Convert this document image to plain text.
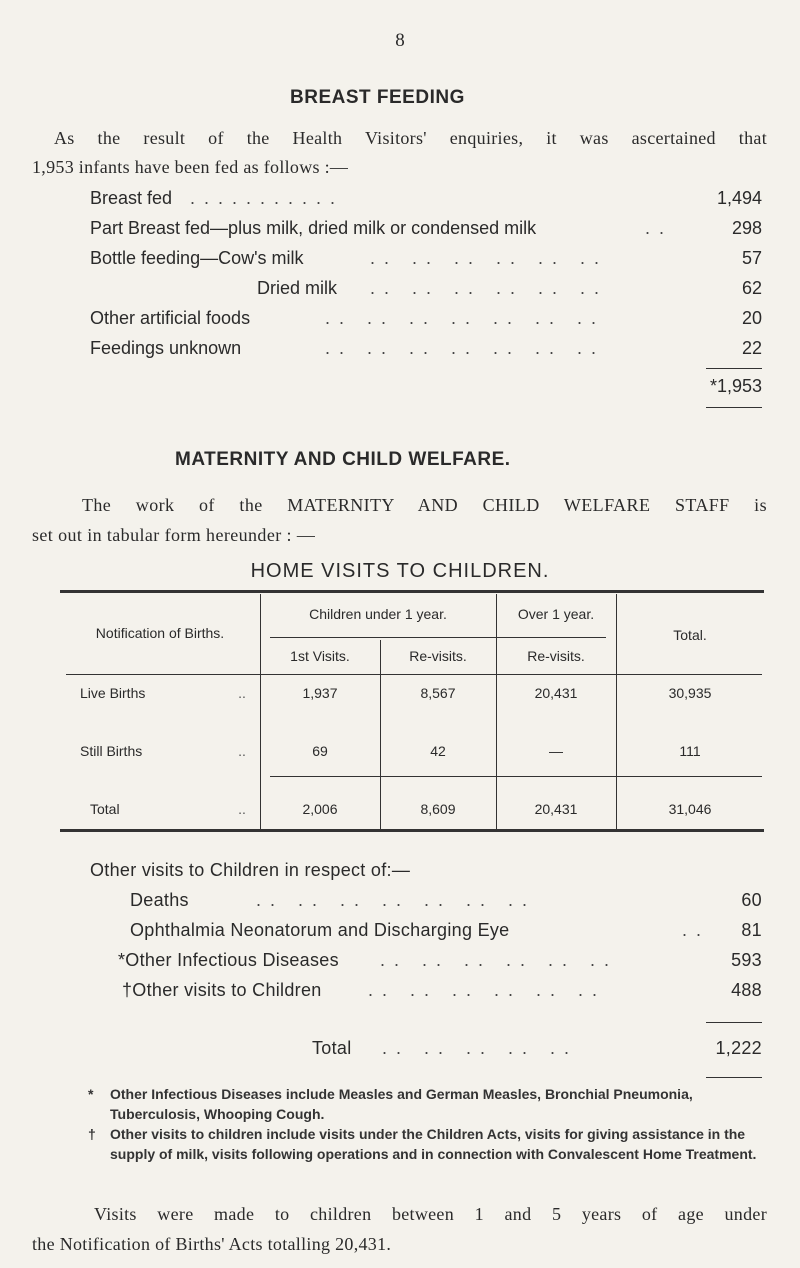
8
BREAST FEEDING
As the result of the Health Visitors' enquiries, it was ascertained that
1,953 infants have been fed as follows :—
Breast fed ...........	1,494
Part Breast fed—plus milk, dried milk or condensed milk	..	298
Bottle feeding—Cow's milk	.. .. .. .. .. ..	57
Dried milk .. .. .. .. .. ..	62
Other artificial foods	.. .. .. .. .. .. ..	20
Feedings unknown	.. .. .. .. .. .. ..	22
*1,953
MATERNITY AND CHILD WELFARE.
The work of the MATERNITY AND CHILD WELFARE STAFF is
set out in tabular form hereunder : —
HOME VISITS TO CHILDREN.
Notification of Births.
Children under 1 year.	Over 1 year.
Total.
1st Visits.	Re-visits.	Re-visits.
Live Births	..	1,937	8,567	20,431	30,935
Still Births	..	69	42	—	111
Total	..	2,006	8,609	20,431	31,046
Other visits to Children in respect of:—
Deaths	.. .. .. .. .. .. ..	60
Ophthalmia Neonatorum and Discharging Eye	.. 81
*Other Infectious Diseases .. .. .. .. .. ..	593
†Other visits to Children	.. .. .. .. .. ..	488
Total .. .. .. .. ..	1,222
* Other Infectious Diseases include Measles and German Measles, Bronchial Pneumonia, Tuberculosis, Whooping Cough.
† Other visits to children include visits under the Children Acts, visits for giving assistance in the supply of milk, visits following operations and in connection with Convalescent Home Treatment.
Visits were made to children between 1 and 5 years of age under
the Notification of Births' Acts totalling 20,431.
